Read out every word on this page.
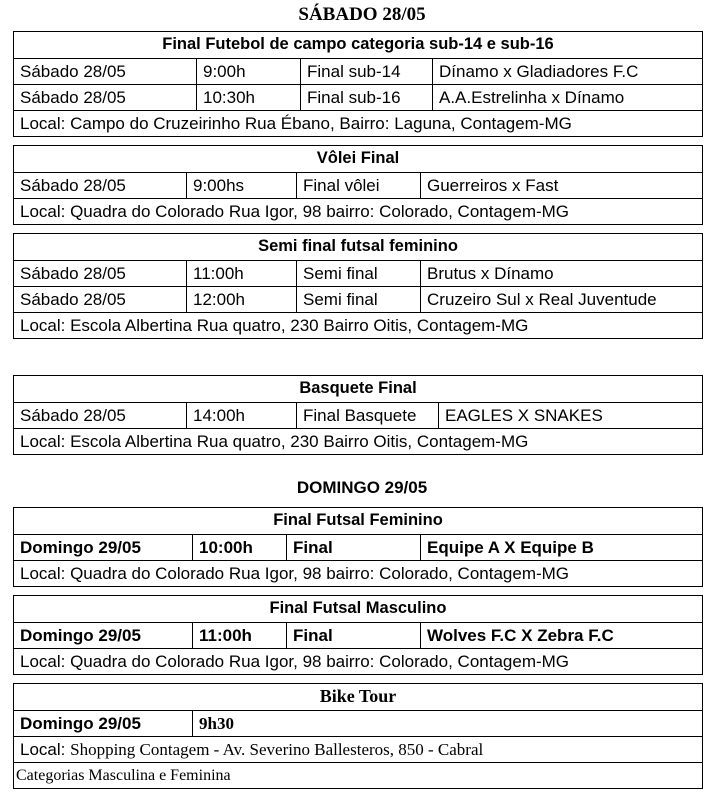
SÁBADO 28/05
Final Futebol de campo categoria sub-14 e sub-16
Sábado 28/05	9:00h	Final sub-14	Dínamo x Gladiadores F.C
Sábado 28/05	10:30h	Final sub-16	A.A.Estrelinha x Dínamo
Local: Campo do Cruzeirinho Rua Ébano, Bairro: Laguna, Contagem-MG
Vôlei Final
Sábado 28/05	9:00hs	Final vôlei	Guerreiros x Fast
Local: Quadra do Colorado Rua Igor, 98 bairro: Colorado, Contagem-MG
Semi final futsal feminino
Sábado 28/05	11:00h	Semi final	Brutus x Dínamo
Sábado 28/05	12:00h	Semi final	Cruzeiro Sul x Real Juventude
Local: Escola Albertina Rua quatro, 230 Bairro Oitis, Contagem-MG
Basquete Final
Sábado 28/05	14:00h	Final Basquete	EAGLES X SNAKES
Local: Escola Albertina Rua quatro, 230 Bairro Oitis, Contagem-MG
DOMINGO 29/05
Final Futsal Feminino
Domingo 29/05	10:00h	Final	Equipe A X Equipe B
Local: Quadra do Colorado Rua Igor, 98 bairro: Colorado, Contagem-MG
Final Futsal Masculino
Domingo 29/05	11:00h	Final	Wolves F.C X Zebra F.C
Local: Quadra do Colorado Rua Igor, 98 bairro: Colorado, Contagem-MG
Bike Tour
Domingo 29/05	9h30
Local: Shopping Contagem - Av. Severino Ballesteros, 850 - Cabral
Categorias Masculina e Feminina
